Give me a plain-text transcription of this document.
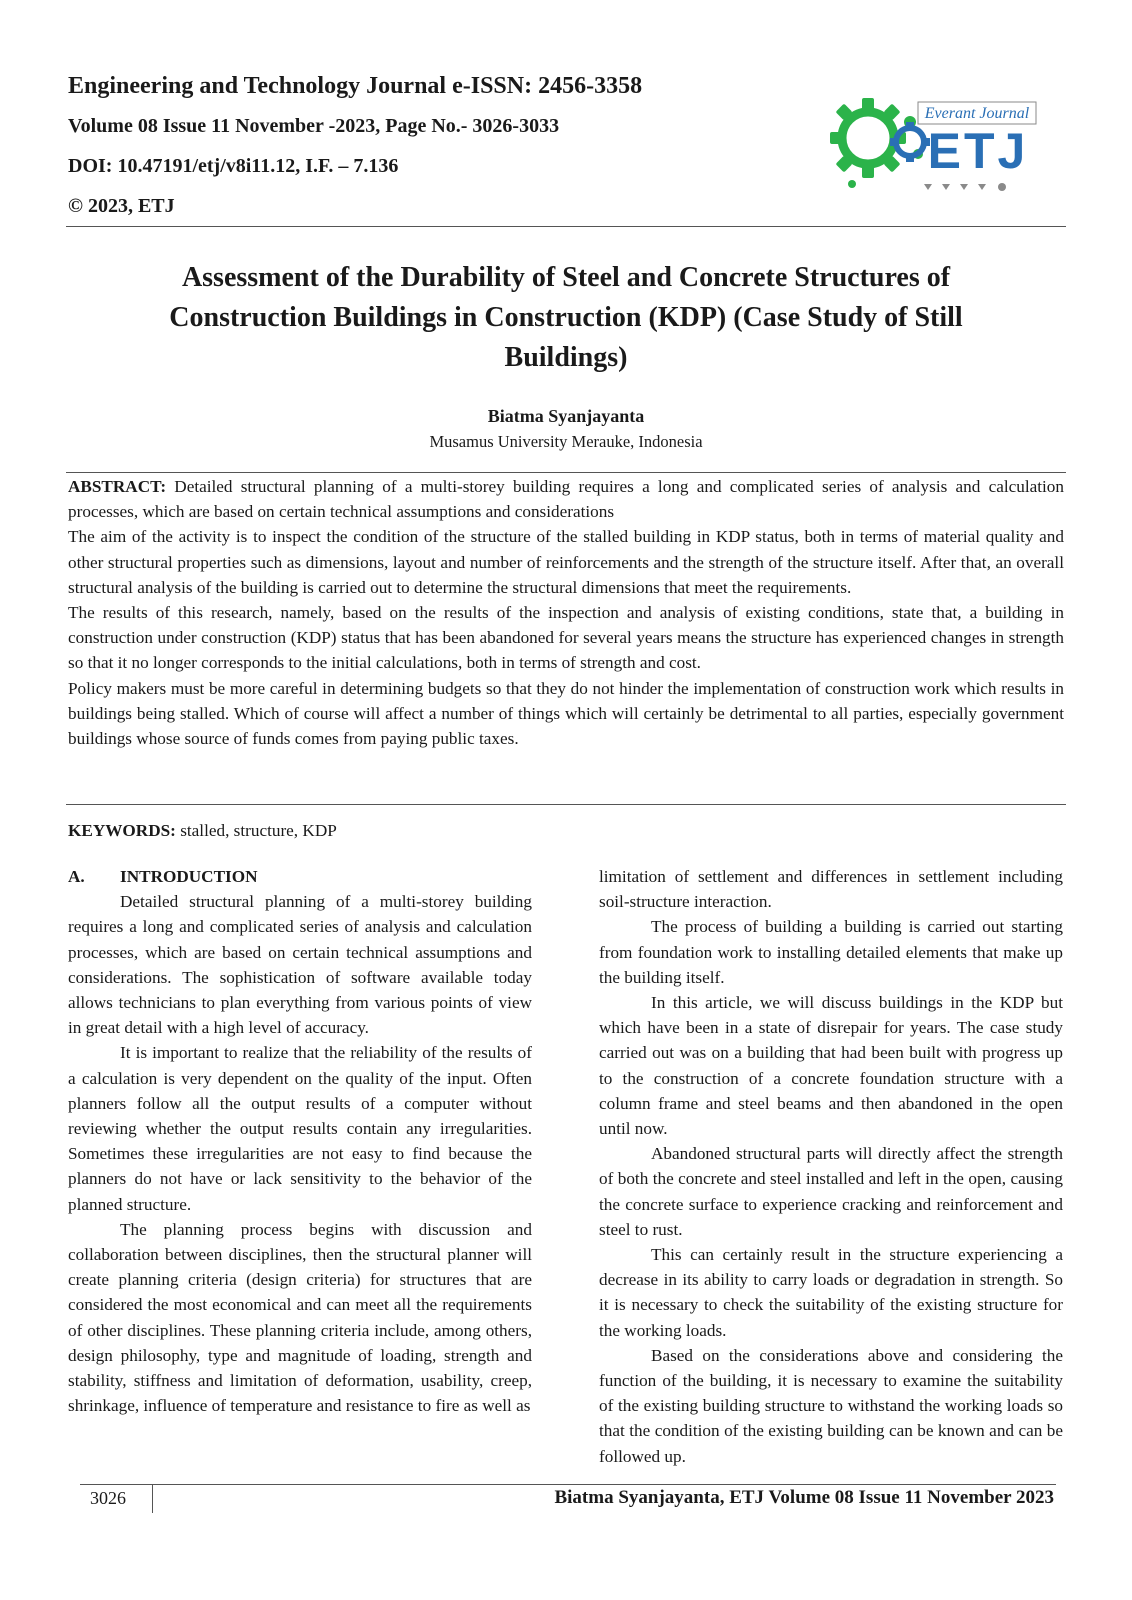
Engineering and Technology Journal e-ISSN: 2456-3358

Volume 08 Issue 11 November -2023, Page No.- 3026-3033

DOI: 10.47191/etj/v8i11.12, I.F. – 7.136

© 2023, ETJ

Everant Journal
ETJ
Assessment of the Durability of Steel and Concrete Structures of Construction Buildings in Construction (KDP) (Case Study of Still Buildings)

Biatma Syanjayanta

Musamus University Merauke, Indonesia

ABSTRACT: Detailed structural planning of a multi-storey building requires a long and complicated series of analysis and calculation processes, which are based on certain technical assumptions and considerations

The aim of the activity is to inspect the condition of the structure of the stalled building in KDP status, both in terms of material quality and other structural properties such as dimensions, layout and number of reinforcements and the strength of the structure itself. After that, an overall structural analysis of the building is carried out to determine the structural dimensions that meet the requirements.

The results of this research, namely, based on the results of the inspection and analysis of existing conditions, state that, a building in construction under construction (KDP) status that has been abandoned for several years means the structure has experienced changes in strength so that it no longer corresponds to the initial calculations, both in terms of strength and cost.

Policy makers must be more careful in determining budgets so that they do not hinder the implementation of construction work which results in buildings being stalled. Which of course will affect a number of things which will certainly be detrimental to all parties, especially government buildings whose source of funds comes from paying public taxes.

KEYWORDS: stalled, structure, KDP

A. INTRODUCTION

Detailed structural planning of a multi-storey building requires a long and complicated series of analysis and calculation processes, which are based on certain technical assumptions and considerations. The sophistication of software available today allows technicians to plan everything from various points of view in great detail with a high level of accuracy.

It is important to realize that the reliability of the results of a calculation is very dependent on the quality of the input. Often planners follow all the output results of a computer without reviewing whether the output results contain any irregularities. Sometimes these irregularities are not easy to find because the planners do not have or lack sensitivity to the behavior of the planned structure.

The planning process begins with discussion and collaboration between disciplines, then the structural planner will create planning criteria (design criteria) for structures that are considered the most economical and can meet all the requirements of other disciplines. These planning criteria include, among others, design philosophy, type and magnitude of loading, strength and stability, stiffness and limitation of deformation, usability, creep, shrinkage, influence of temperature and resistance to fire as well as

limitation of settlement and differences in settlement including soil-structure interaction.

The process of building a building is carried out starting from foundation work to installing detailed elements that make up the building itself.

In this article, we will discuss buildings in the KDP but which have been in a state of disrepair for years. The case study carried out was on a building that had been built with progress up to the construction of a concrete foundation structure with a column frame and steel beams and then abandoned in the open until now.

Abandoned structural parts will directly affect the strength of both the concrete and steel installed and left in the open, causing the concrete surface to experience cracking and reinforcement and steel to rust.

This can certainly result in the structure experiencing a decrease in its ability to carry loads or degradation in strength. So it is necessary to check the suitability of the existing structure for the working loads.

Based on the considerations above and considering the function of the building, it is necessary to examine the suitability of the existing building structure to withstand the working loads so that the condition of the existing building can be known and can be followed up.

3026	Biatma Syanjayanta, ETJ Volume 08 Issue 11 November 2023
